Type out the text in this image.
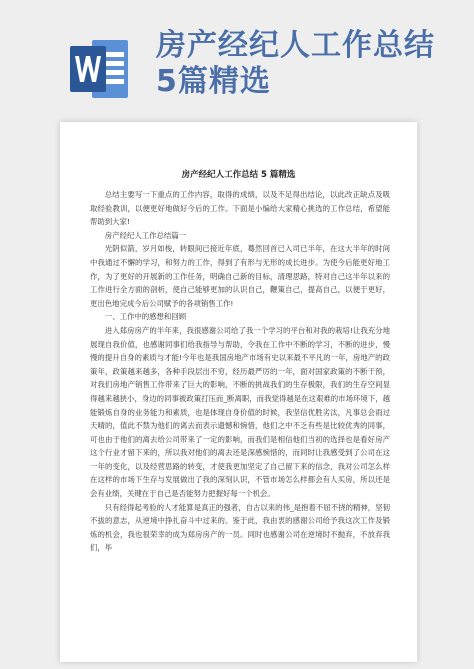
房产经纪人工作总结5篇精选
房产经纪人工作总结 5 篇精选

总结主要写一下重点的工作内容，取得的成绩，以及不足得出结论，以此改正缺点及吸取经验教训，以便更好地做好今后的工作。下面是小编给大家精心挑选的工作总结，希望能帮助到大家!

房产经纪人工作总结篇一

光阴似箭，岁月如梭，转眼间已接近年底，蓦然回首已入司已半年，在这大半年的时间中我通过不懈的学习，和努力的工作，得到了有形与无形的成长进步。为使今后能更好地工作，为了更好的开展新的工作任务，明确自己新的目标，清理思路，特对自己这半年以来的工作进行全方面的剖析，使自己能够更加的认识自己，鞭策自己，提高自己，以便于更好，更出色地完成今后公司赋予的各项销售工作!

一、工作中的感想和回顾

进入郑房房产的半年来，我很感谢公司给了我一个学习的平台和对我的栽培!让我充分地展现自我价值，也感谢同事们给我指导与帮助，令我在工作中不断的学习，不断的进步，慢慢的提升自身的素质与才能!今年也是我国房地产市场有史以来最不平凡的一年，房地产的政策年，政策越来越多，各种手段层出不穷，经历最严厉的一年，面对国家政策的不断干预，对我们房地产销售工作带来了巨大的影响，不断的挑战我们的生存极限，我们的生存空间显得越来越狭小，身边的同事被政策打压而_断离职，而我觉得越是在这艰难的市场环境下，越能锻炼自身的业务能力和素质，也是体现自身价值的时候，我坚信优胜劣汰，凡事总会雨过天晴的，值此不禁为他们的离去而表示遗憾和惋惜，他们之中不乏有些是比较优秀的同事，可也由于他们的离去给公司带来了一定的影响，而我们是相信他们当初的选择也是看好房产这个行业才留下来的，所以我对他们的离去还是深感惋惜的，而同时让我感受到了公司在这一年的变化，以及经营思路的转变，才使我更加坚定了自己留下来的信念，我对公司怎么样在这样的市场下生存与发展做出了我的深刻认识，不管市场怎么样都会有人买房，所以还是会有业绩，关键在于自己是否能努力把握好每一个机会。

只有经得起考验的人才能算是真正的强者，自古以来的伟_是抱着不屈不挠的精神，坚韧不拔的意志，从逆境中挣扎奋斗中过来的。鉴于此，我由衷的感谢公司给予我这次工作及锻炼的机会，我也很荣幸的成为郑房房产的一员。同时也感谢公司在逆境时不抛弃，不放弃我们，毕
